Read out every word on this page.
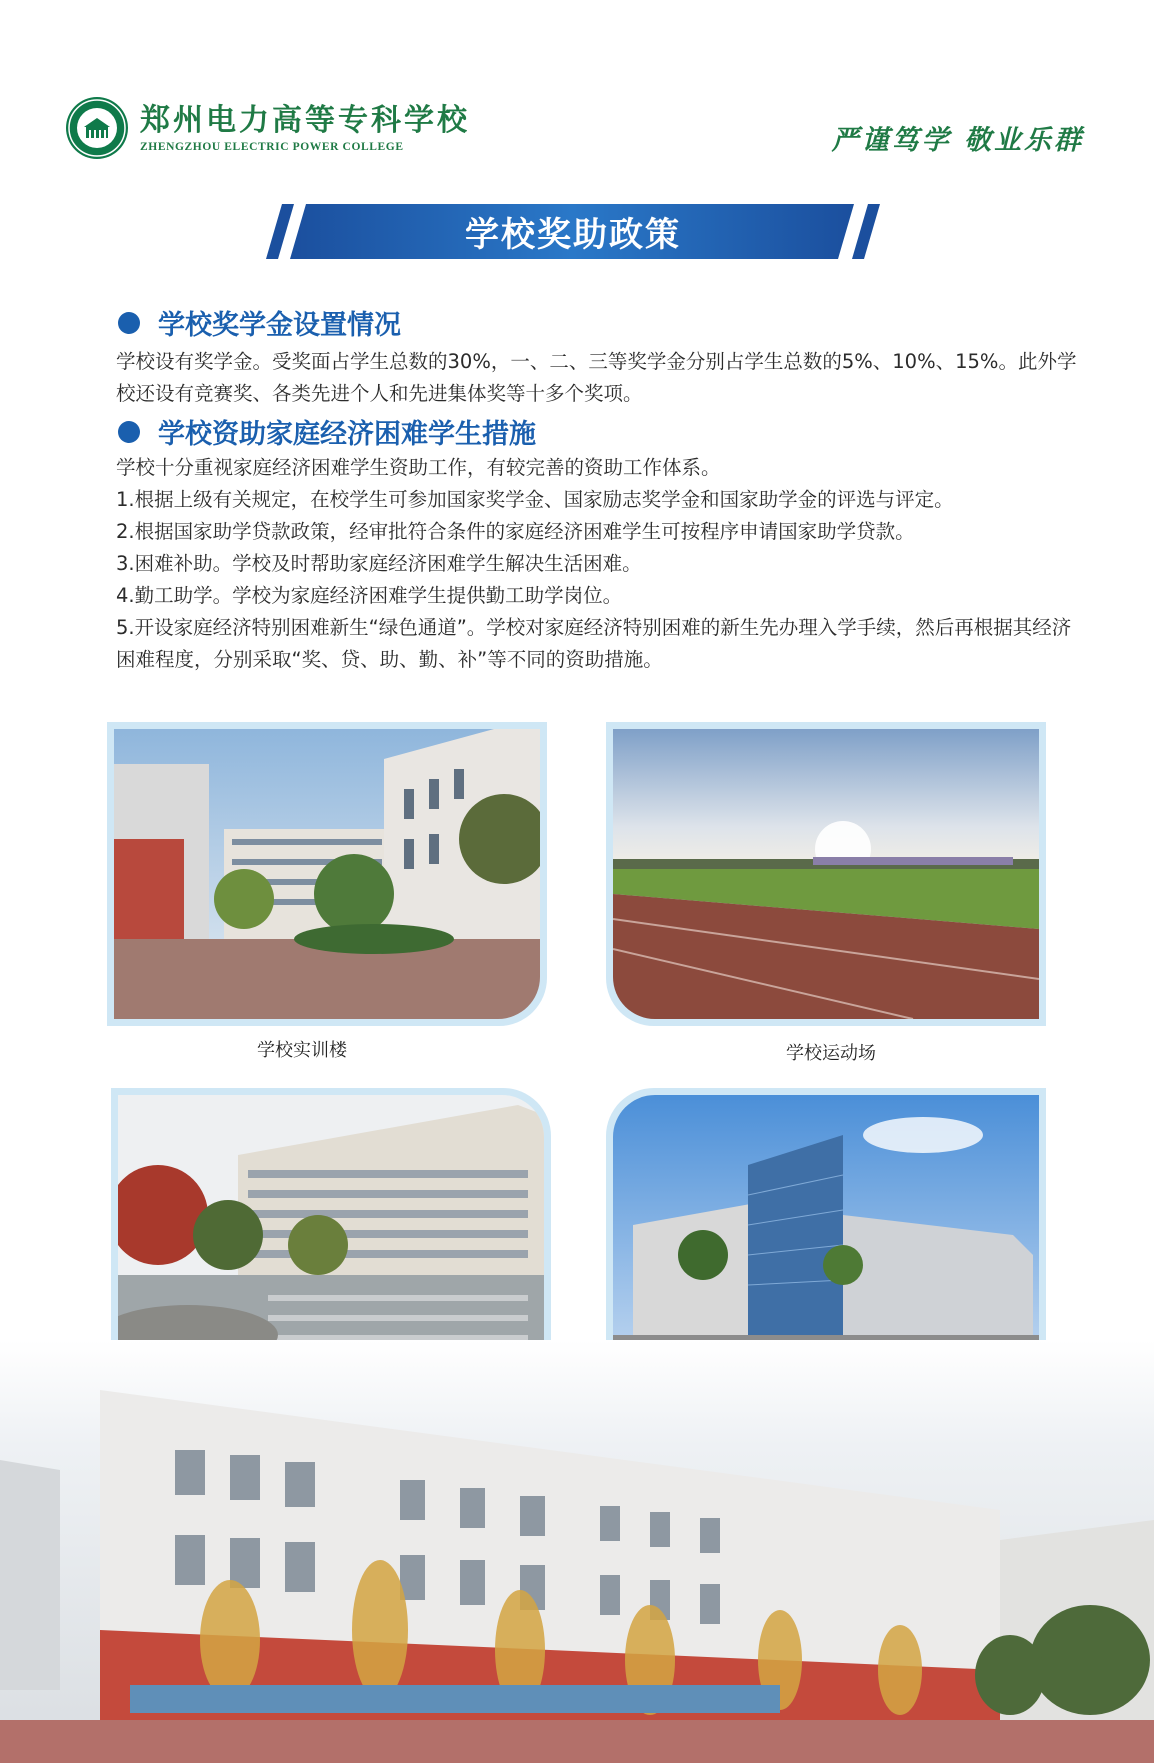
郑州电力高等专科学校
ZHENGZHOU ELECTRIC POWER COLLEGE	严谨笃学 敬业乐群
学校奖助政策
学校奖学金设置情况
学校设有奖学金。受奖面占学生总数的30%，一、二、三等奖学金分别占学生总数的5%、10%、15%。此外学校还设有竞赛奖、各类先进个人和先进集体奖等十多个奖项。
学校资助家庭经济困难学生措施
学校十分重视家庭经济困难学生资助工作，有较完善的资助工作体系。
1.根据上级有关规定，在校学生可参加国家奖学金、国家励志奖学金和国家助学金的评选与评定。
2.根据国家助学贷款政策，经审批符合条件的家庭经济困难学生可按程序申请国家助学贷款。
3.困难补助。学校及时帮助家庭经济困难学生解决生活困难。
4.勤工助学。学校为家庭经济困难学生提供勤工助学岗位。
5.开设家庭经济特别困难新生“绿色通道”。学校对家庭经济特别困难的新生先办理入学手续，然后再根据其经济困难程度，分别采取“奖、贷、助、勤、补”等不同的资助措施。
学校实训楼	学校运动场
